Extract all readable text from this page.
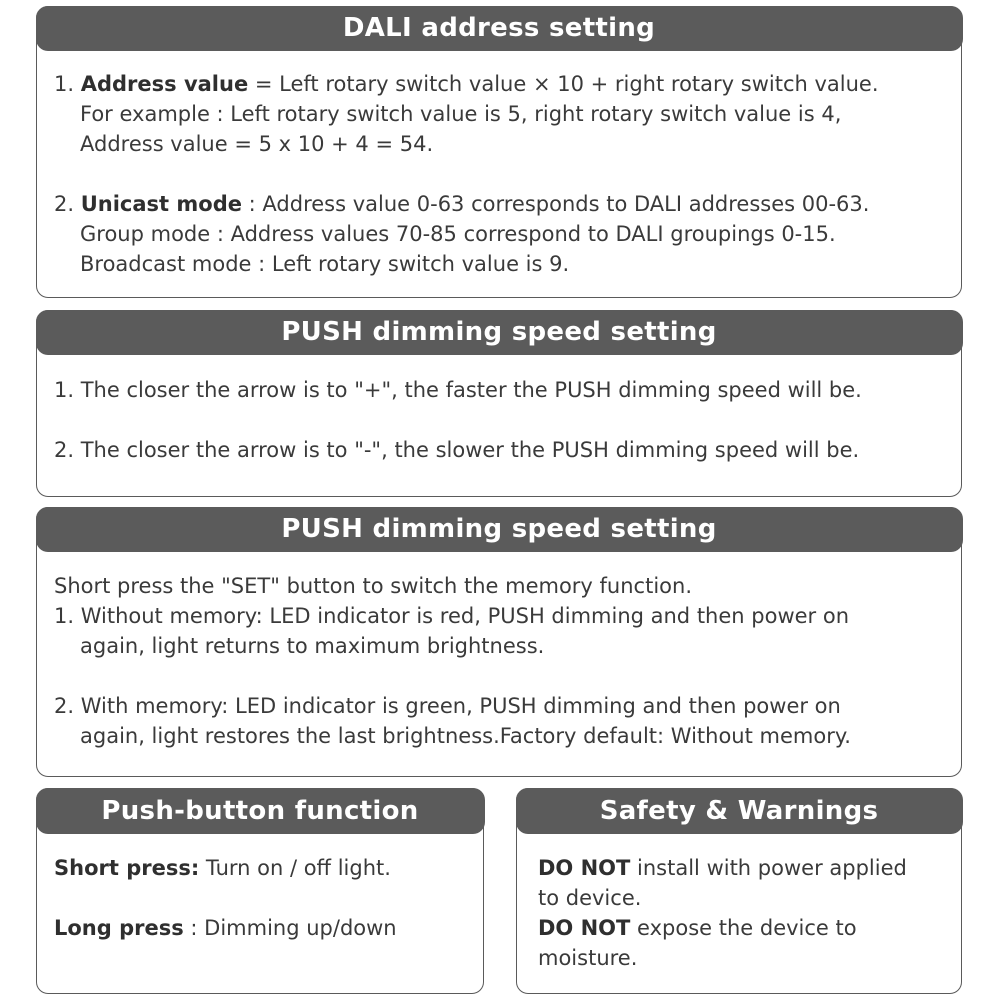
DALI address setting
1. Address value = Left rotary switch value × 10 + right rotary switch value.
For example : Left rotary switch value is 5, right rotary switch value is 4,
Address value = 5 x 10 + 4 = 54.
2. Unicast mode : Address value 0-63 corresponds to DALI addresses 00-63.
Group mode : Address values 70-85 correspond to DALI groupings 0-15.
Broadcast mode : Left rotary switch value is 9.
PUSH dimming speed setting
1. The closer the arrow is to "+", the faster the PUSH dimming speed will be.
2. The closer the arrow is to "-", the slower the PUSH dimming speed will be.
PUSH dimming speed setting
Short press the "SET" button to switch the memory function.
1. Without memory: LED indicator is red, PUSH dimming and then power on
again, light returns to maximum brightness.
2. With memory: LED indicator is green, PUSH dimming and then power on
again, light restores the last brightness.Factory default: Without memory.
Push-button function
Short press: Turn on / off light.
Long press : Dimming up/down
Safety & Warnings
DO NOT install with power applied
to device.
DO NOT expose the device to
moisture.
